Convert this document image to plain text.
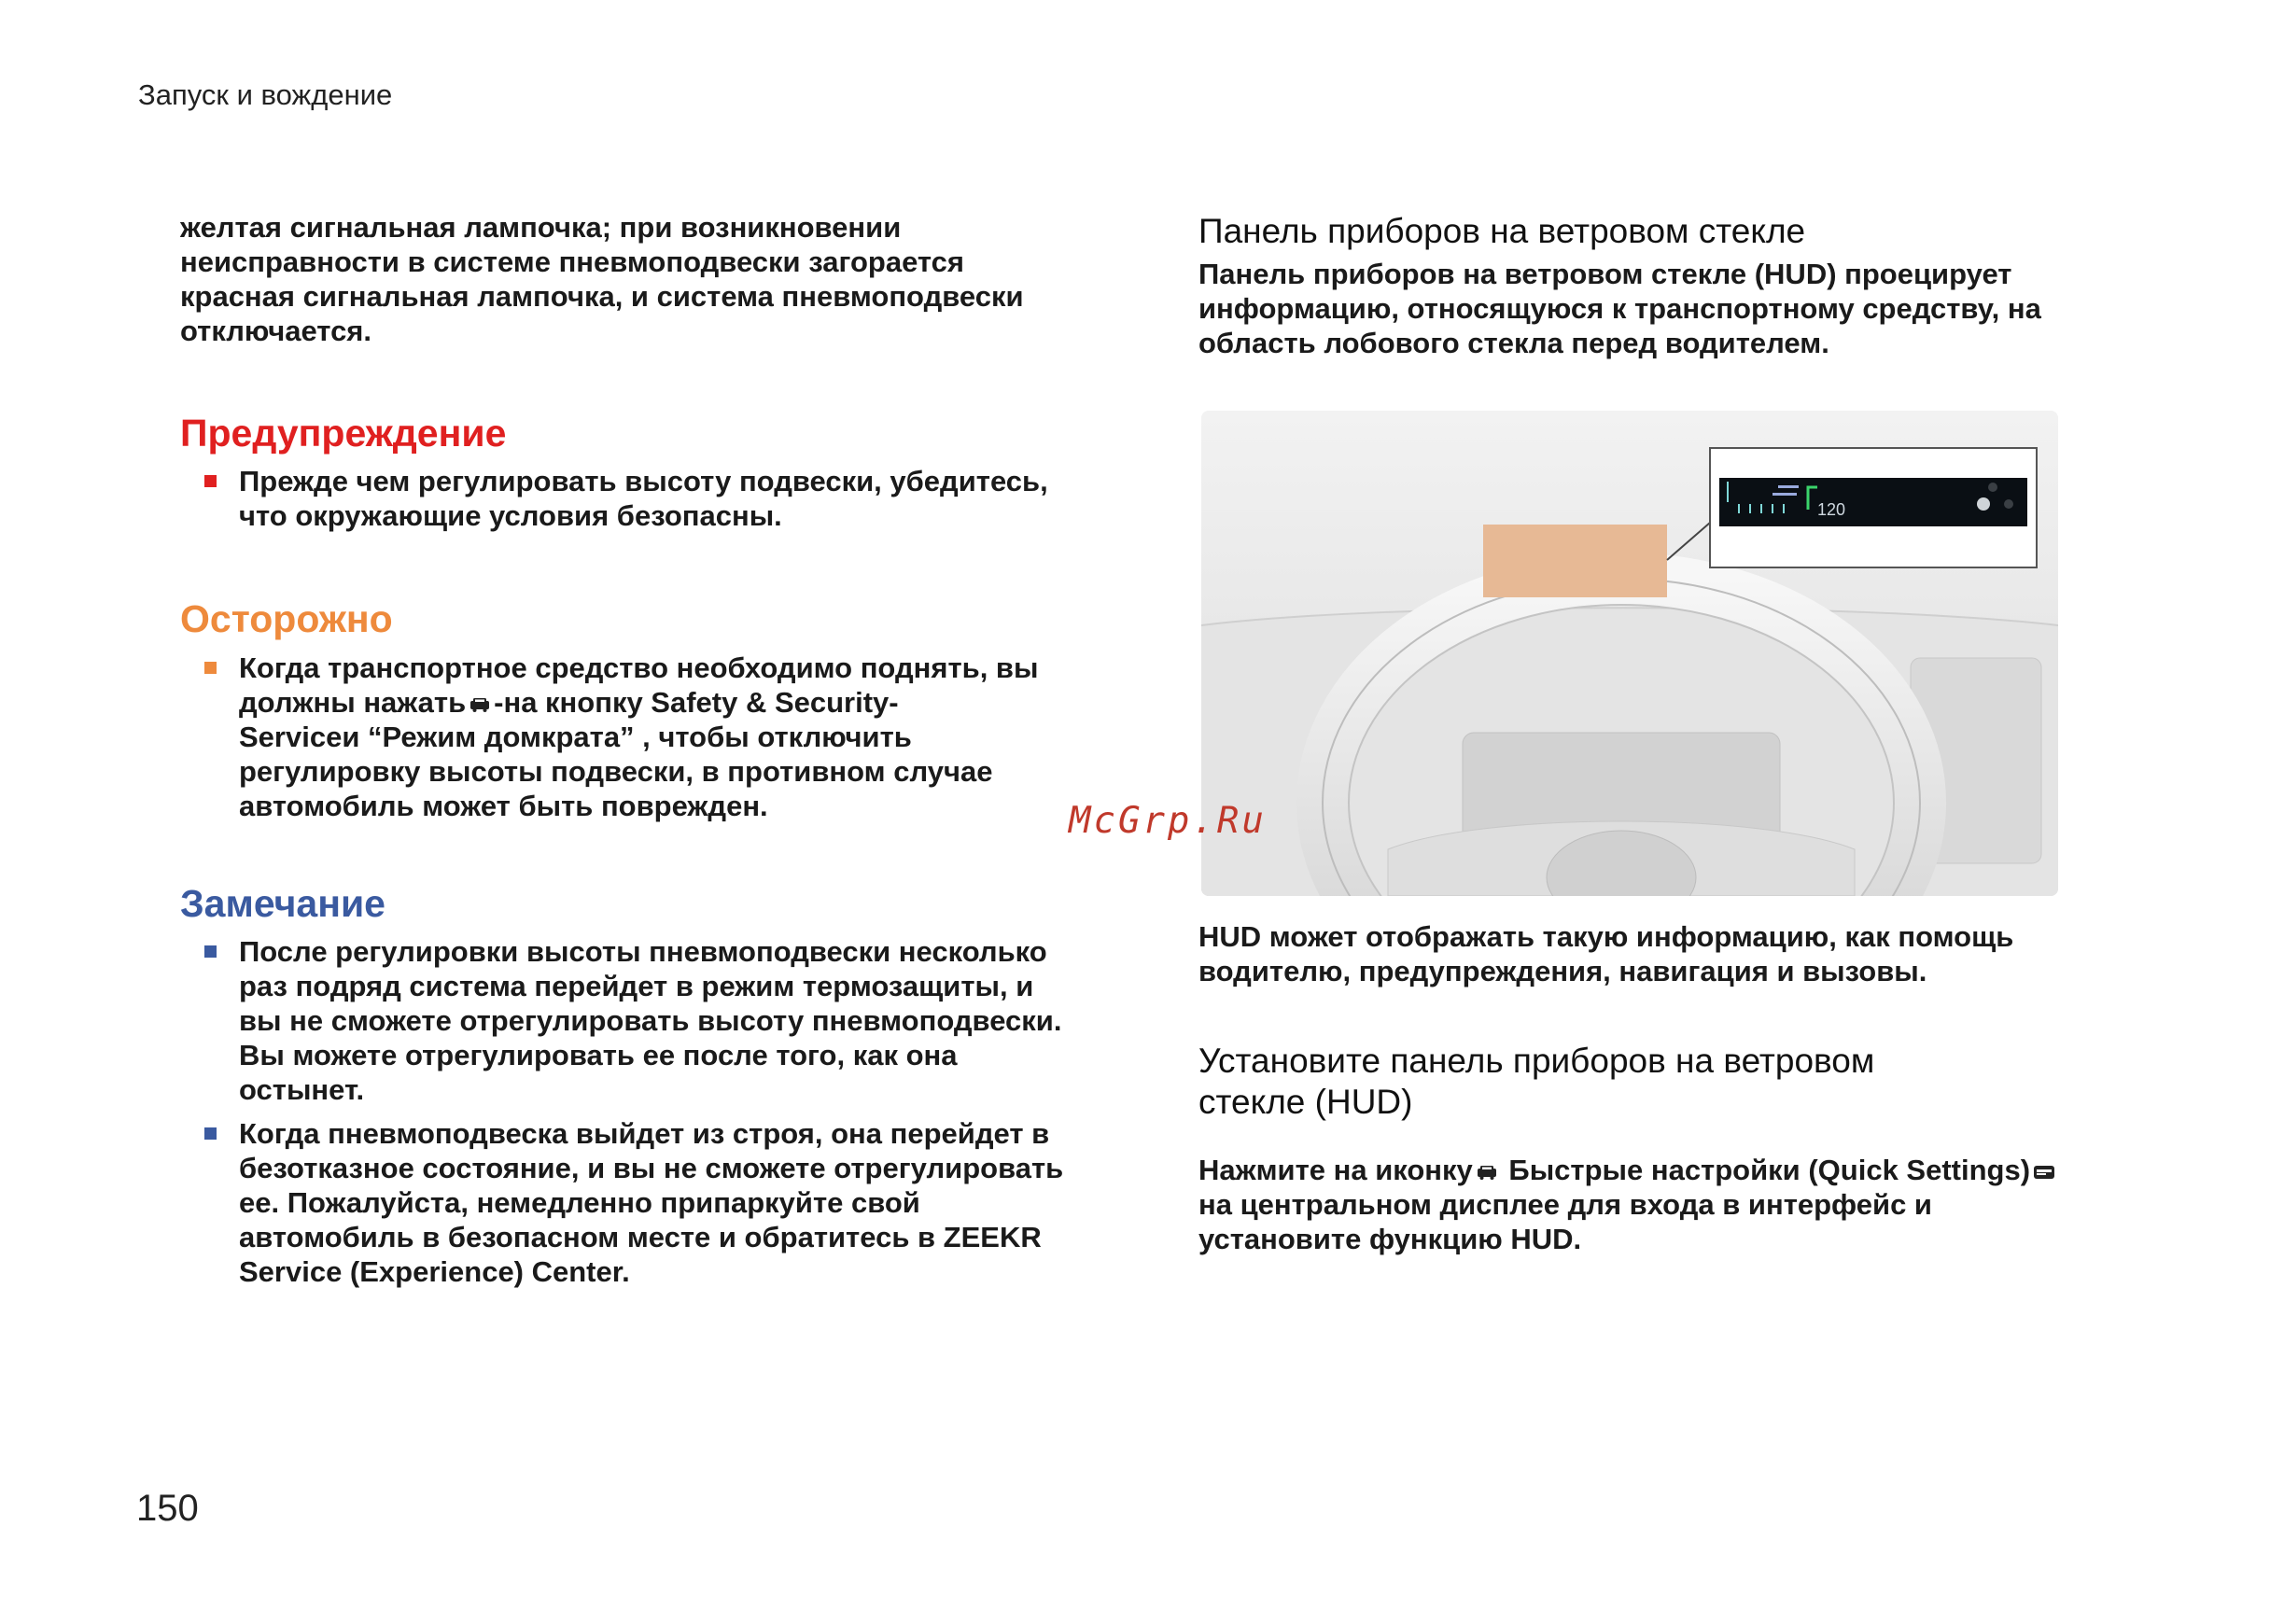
Запуск и вождение
желтая сигнальная лампочка; при возникновении
неисправности в системе пневмоподвески загорается
красная сигнальная лампочка, и система пневмоподвески
отключается.
Предупреждение
Прежде чем регулировать высоту подвески, убедитесь,
что окружающие условия безопасны.
Осторожно
Когда транспортное средство необходимо поднять, вы
должны нажать -на кнопку Safety & Security-
Serviceи “Режим домкрата” , чтобы отключить
регулировку высоты подвески, в противном случае
автомобиль может быть поврежден.
Замечание
После регулировки высоты пневмоподвески несколько
раз подряд система перейдет в режим термозащиты, и
вы не сможете отрегулировать высоту пневмоподвески.
Вы можете отрегулировать ее после того, как она
остынет.
Когда пневмоподвеска выйдет из строя, она перейдет в
безотказное состояние, и вы не сможете отрегулировать
ее. Пожалуйста, немедленно припаркуйте свой
автомобиль в безопасном месте и обратитесь в ZEEKR
Service (Experience) Center.
Панель приборов на ветровом стекле
Панель приборов на ветровом стекле (HUD) проецирует
информацию, относящуюся к транспортному средству, на
область лобового стекла перед водителем.
120
HUD может отображать такую информацию, как помощь
водителю, предупреждения, навигация и вызовы.
Установите панель приборов на ветровом
стекле (HUD)
Нажмите на иконку Быстрые настройки (Quick Settings)
на центральном дисплее для входа в интерфейс и
установите функцию HUD.
McGrp.Ru
150
